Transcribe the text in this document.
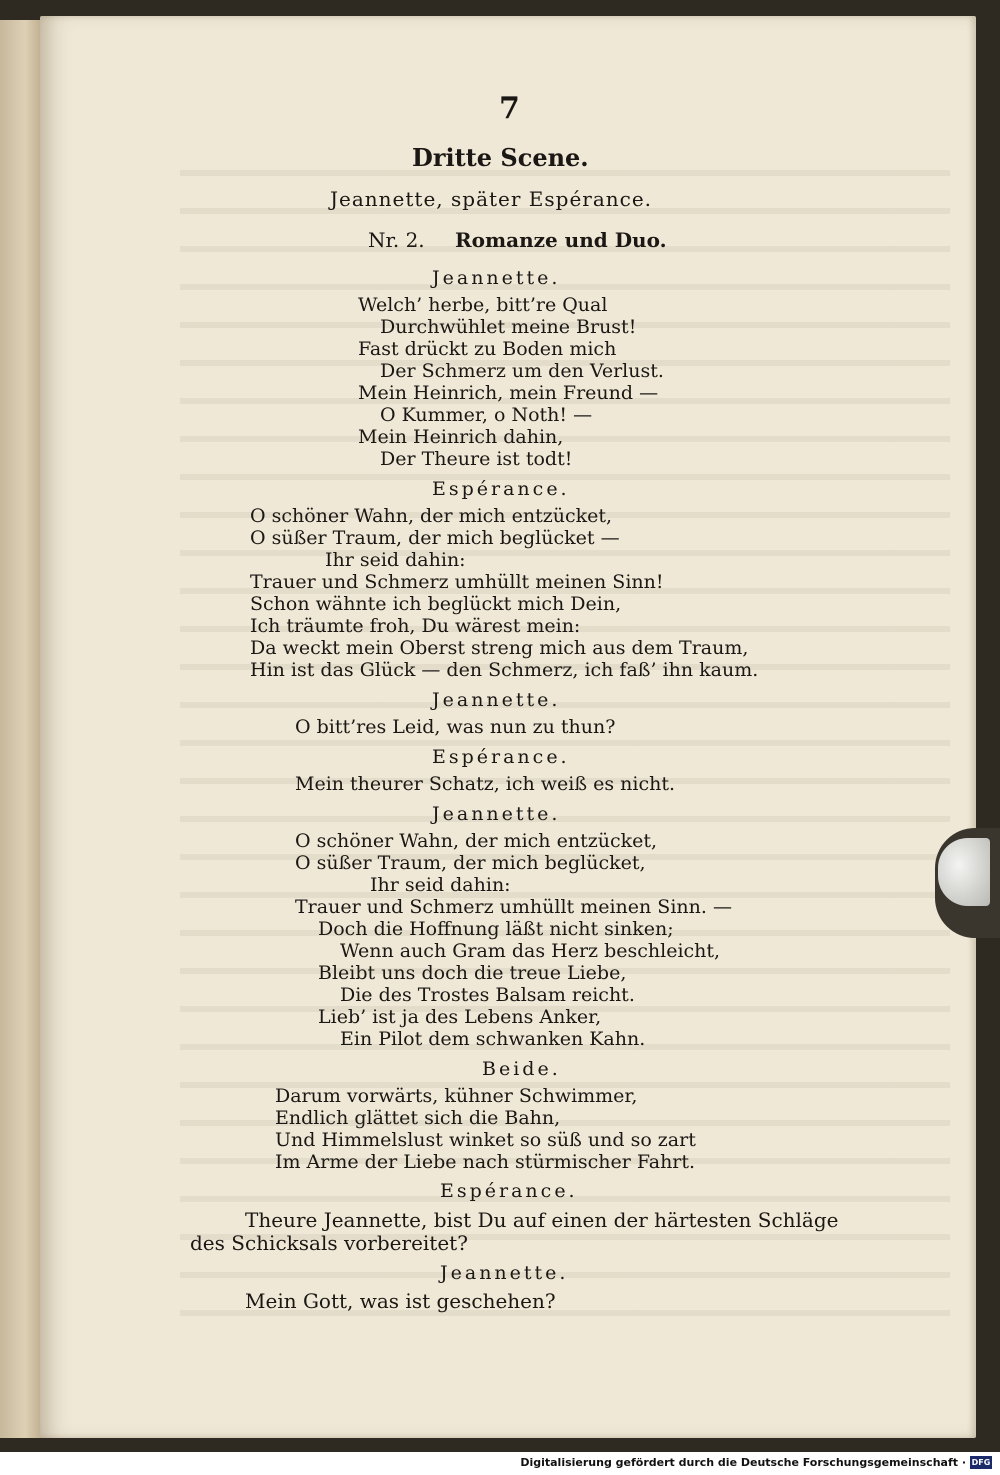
7
Dritte Scene.
Jeannette, später Espérance.
Nr. 2. Romanze und Duo.
Jeannette.
Welch’ herbe, bitt’re Qual
Durchwühlet meine Brust!
Fast drückt zu Boden mich
Der Schmerz um den Verlust.
Mein Heinrich, mein Freund —
O Kummer, o Noth! —
Mein Heinrich dahin,
Der Theure ist todt!
Espérance.
O schöner Wahn, der mich entzücket,
O süßer Traum, der mich beglücket —
Ihr seid dahin:
Trauer und Schmerz umhüllt meinen Sinn!
Schon wähnte ich beglückt mich Dein,
Ich träumte froh, Du wärest mein:
Da weckt mein Oberst streng mich aus dem Traum,
Hin ist das Glück — den Schmerz, ich faß’ ihn kaum.
Jeannette.
O bitt’res Leid, was nun zu thun?
Espérance.
Mein theurer Schatz, ich weiß es nicht.
Jeannette.
O schöner Wahn, der mich entzücket,
O süßer Traum, der mich beglücket,
Ihr seid dahin:
Trauer und Schmerz umhüllt meinen Sinn. —
Doch die Hoffnung läßt nicht sinken;
Wenn auch Gram das Herz beschleicht,
Bleibt uns doch die treue Liebe,
Die des Trostes Balsam reicht.
Lieb’ ist ja des Lebens Anker,
Ein Pilot dem schwanken Kahn.
Beide.
Darum vorwärts, kühner Schwimmer,
Endlich glättet sich die Bahn,
Und Himmelslust winket so süß und so zart
Im Arme der Liebe nach stürmischer Fahrt.
Espérance.
Theure Jeannette, bist Du auf einen der härtesten Schläge
des Schicksals vorbereitet?
Jeannette.
Mein Gott, was ist geschehen?
Digitalisierung gefördert durch die Deutsche Forschungsgemeinschaft · DFG
